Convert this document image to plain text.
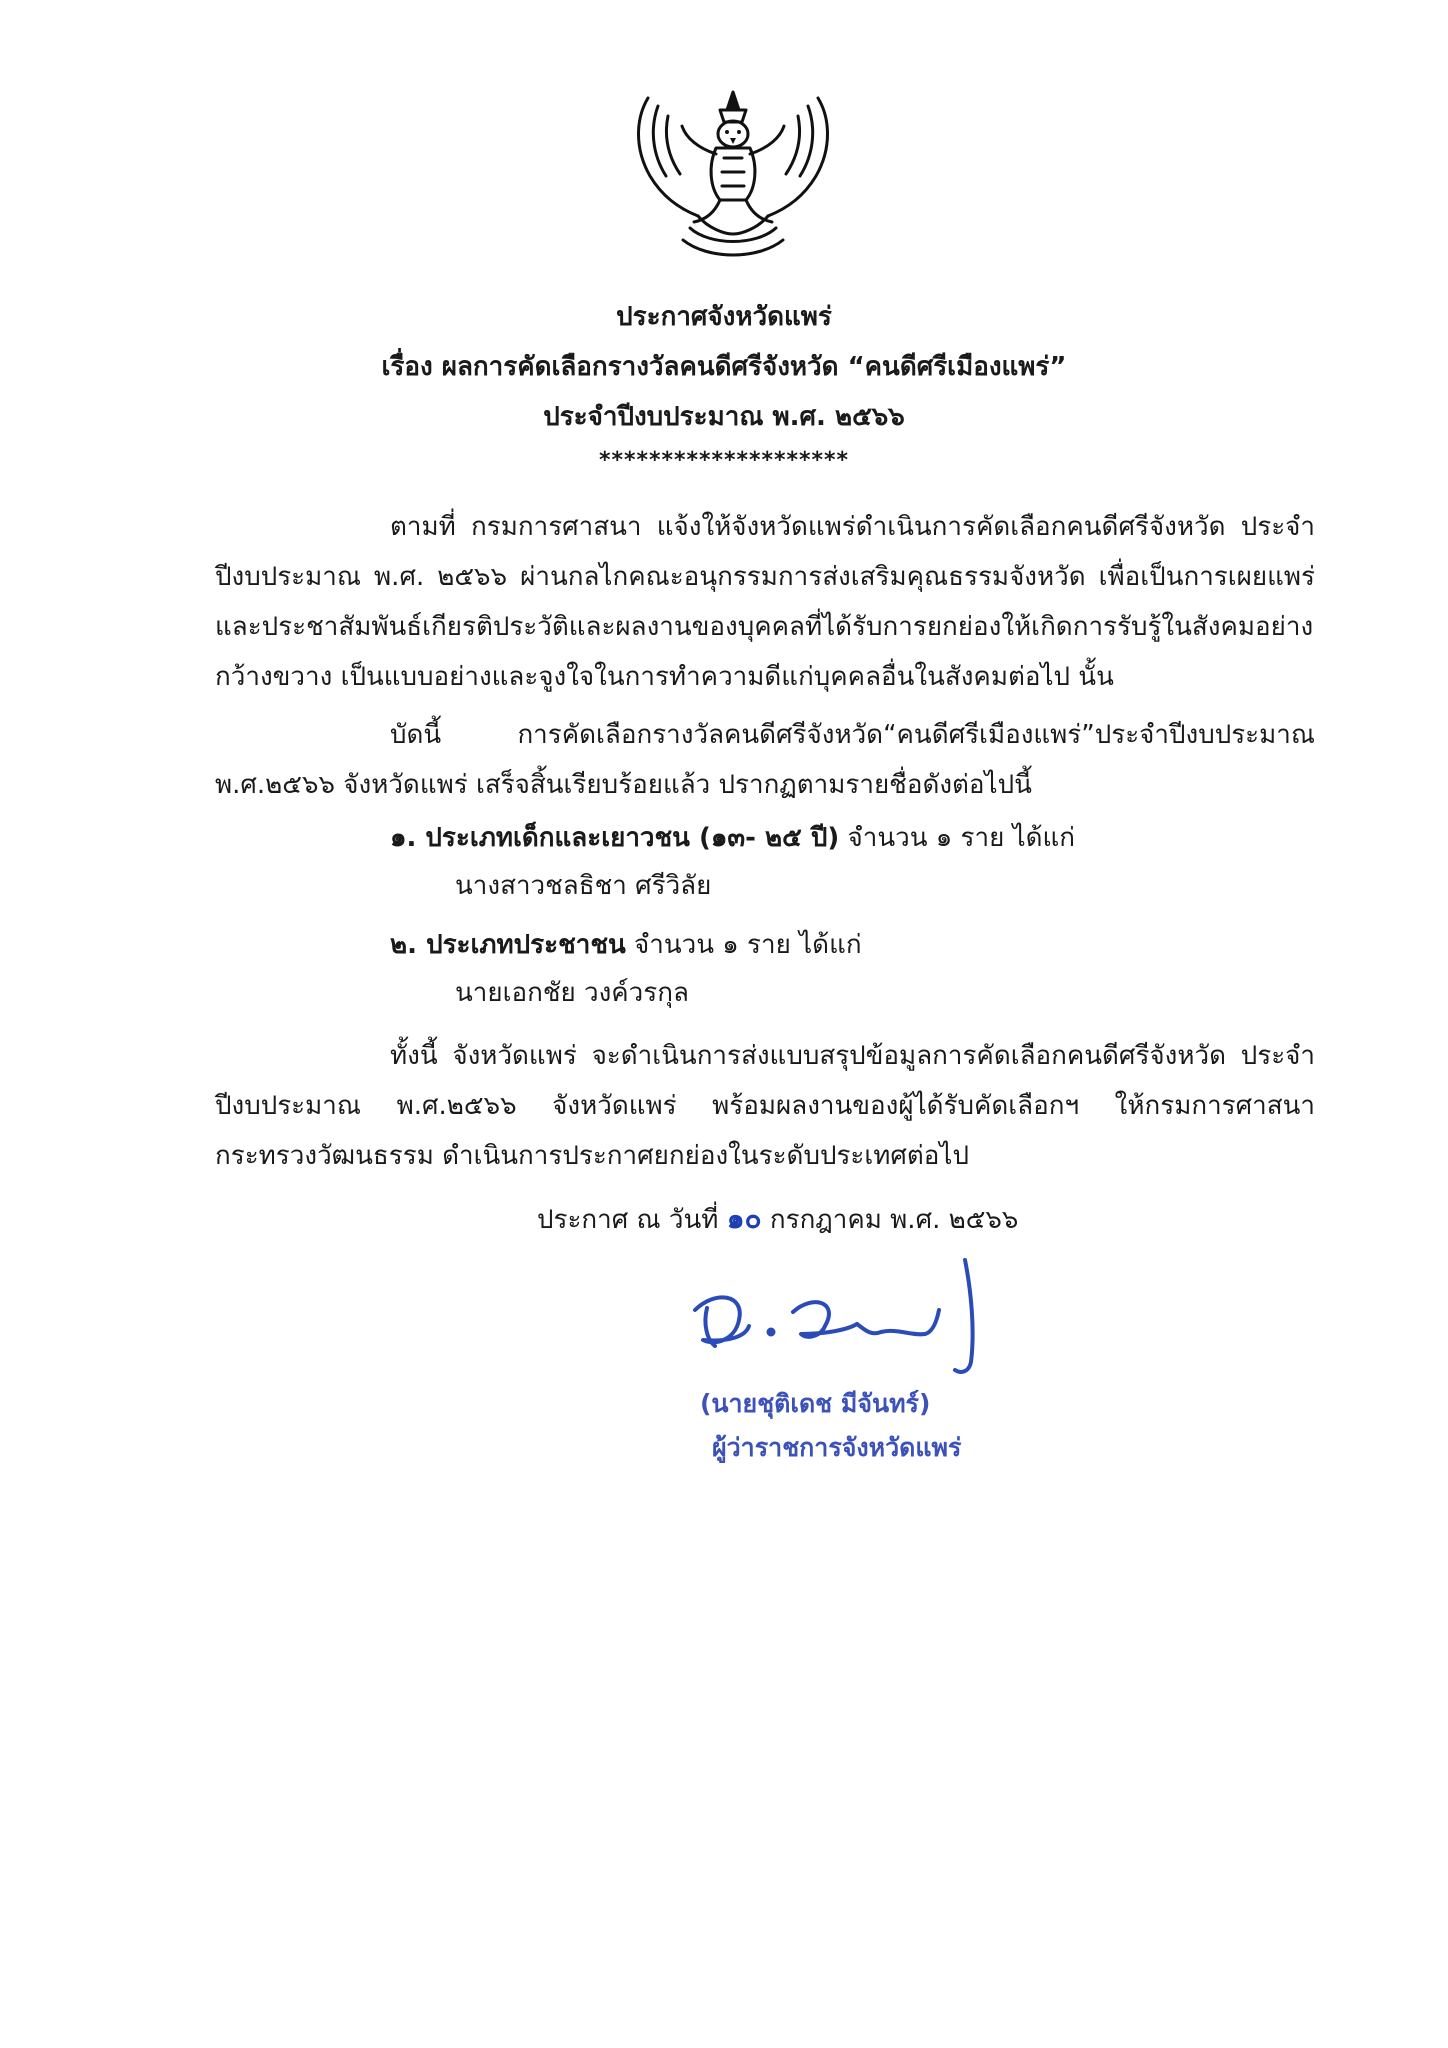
ประกาศจังหวัดแพร่
เรื่อง ผลการคัดเลือกรางวัลคนดีศรีจังหวัด “คนดีศรีเมืองแพร่”
ประจำปีงบประมาณ พ.ศ. ๒๕๖๖
********************
ตามที่ กรมการศาสนา แจ้งให้จังหวัดแพร่ดำเนินการคัดเลือกคนดีศรีจังหวัด ประจำปีงบประมาณ พ.ศ. ๒๕๖๖ ผ่านกลไกคณะอนุกรรมการส่งเสริมคุณธรรมจังหวัด เพื่อเป็นการเผยแพร่และประชาสัมพันธ์เกียรติประวัติและผลงานของบุคคลที่ได้รับการยกย่องให้เกิดการรับรู้ในสังคมอย่างกว้างขวาง เป็นแบบอย่างและจูงใจในการทำความดีแก่บุคคลอื่นในสังคมต่อไป นั้น
บัดนี้ การคัดเลือกรางวัลคนดีศรีจังหวัด“คนดีศรีเมืองแพร่”ประจำปีงบประมาณ พ.ศ.๒๕๖๖ จังหวัดแพร่ เสร็จสิ้นเรียบร้อยแล้ว ปรากฏตามรายชื่อดังต่อไปนี้
๑. ประเภทเด็กและเยาวชน (๑๓- ๒๕ ปี) จำนวน ๑ ราย ได้แก่
นางสาวชลธิชา ศรีวิลัย
๒. ประเภทประชาชน จำนวน ๑ ราย ได้แก่
นายเอกชัย วงค์วรกุล
ทั้งนี้ จังหวัดแพร่ จะดำเนินการส่งแบบสรุปข้อมูลการคัดเลือกคนดีศรีจังหวัด ประจำปีงบประมาณ พ.ศ.๒๕๖๖ จังหวัดแพร่ พร้อมผลงานของผู้ได้รับคัดเลือกฯ ให้กรมการศาสนา กระทรวงวัฒนธรรม ดำเนินการประกาศยกย่องในระดับประเทศต่อไป
ประกาศ ณ วันที่ ๑๐ กรกฎาคม พ.ศ. ๒๕๖๖
(นายชุติเดช มีจันทร์)
ผู้ว่าราชการจังหวัดแพร่
